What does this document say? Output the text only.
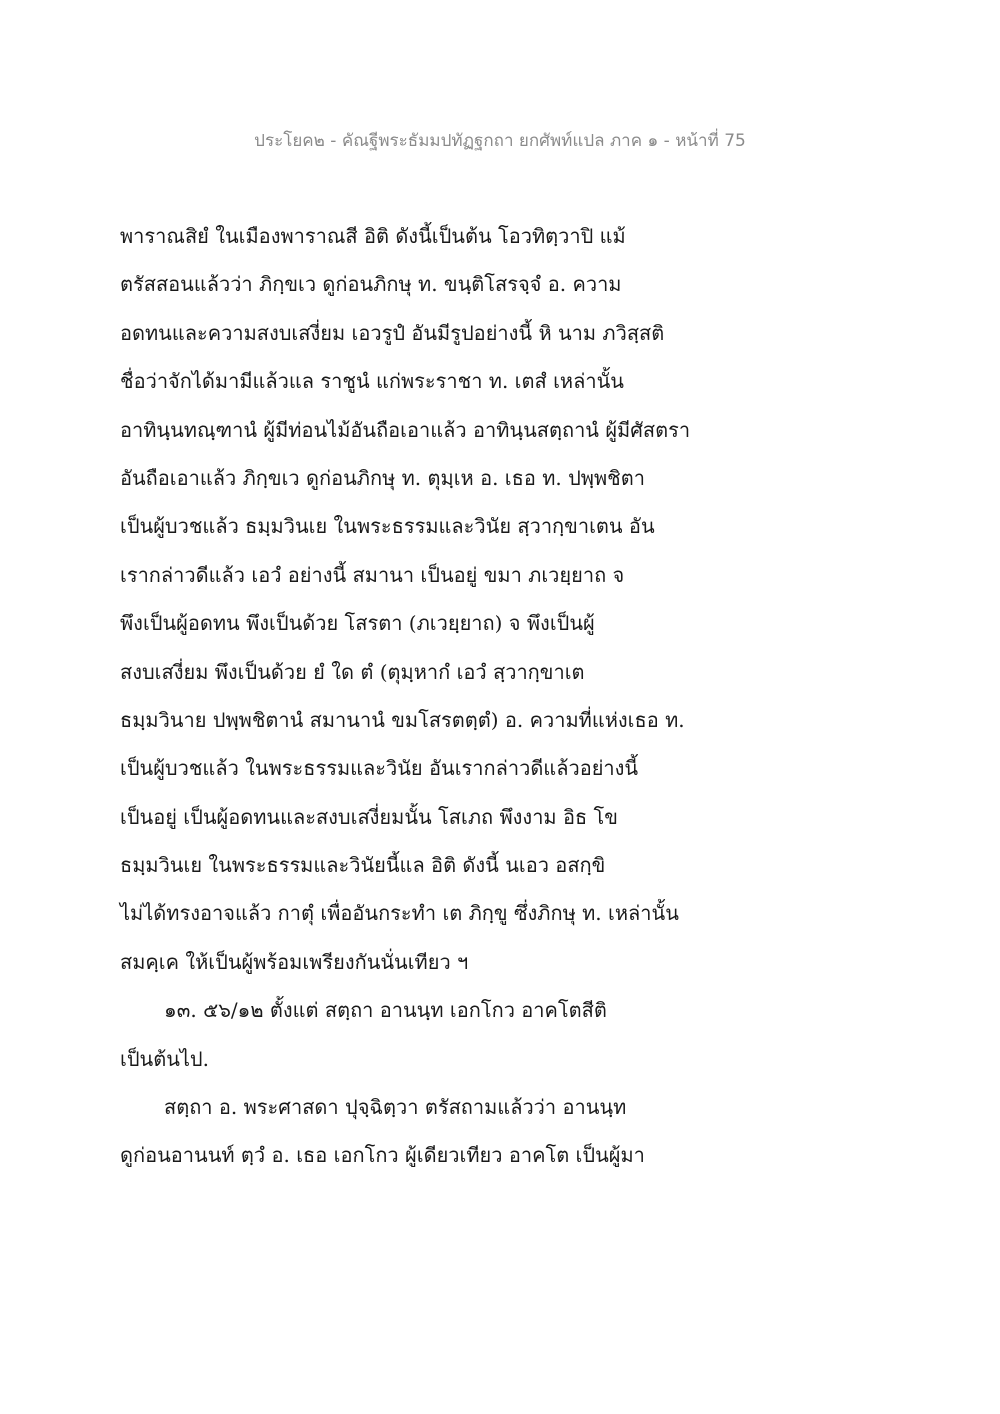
ประโยค๒ - คัณฐีพระธัมมปทัฏฐกถา ยกศัพท์แปล ภาค ๑ - หน้าที่ 75
พาราณสิยํ ในเมืองพาราณสี อิติ ดังนี้เป็นต้น โอวทิตฺวาปิ แม้
ตรัสสอนแล้วว่า ภิกฺขเว ดูก่อนภิกษุ ท. ขนฺติโสรจฺจํ อ. ความ
อดทนและความสงบเสงี่ยม เอวรูปํ อันมีรูปอย่างนี้ หิ นาม ภวิสฺสติ
ชื่อว่าจักได้มามีแล้วแล ราชูนํ แก่พระราชา ท. เตสํ เหล่านั้น
อาทินฺนทณฺฑานํ ผู้มีท่อนไม้อันถือเอาแล้ว อาทินฺนสตฺถานํ ผู้มีศัสตรา
อันถือเอาแล้ว ภิกฺขเว ดูก่อนภิกษุ ท. ตุมฺเห อ. เธอ ท. ปพฺพชิตา
เป็นผู้บวชแล้ว ธมฺมวินเย ในพระธรรมและวินัย สฺวากฺขาเตน อัน
เรากล่าวดีแล้ว เอวํ อย่างนี้ สมานา เป็นอยู่ ขมา ภเวยฺยาถ จ
พึงเป็นผู้อดทน พึงเป็นด้วย โสรตา (ภเวยฺยาถ) จ พึงเป็นผู้
สงบเสงี่ยม พึงเป็นด้วย ยํ ใด ตํ (ตุมฺหากํ เอวํ สฺวากฺขาเต
ธมฺมวินาย ปพฺพชิตานํ สมานานํ ขมโสรตตฺตํ) อ. ความที่แห่งเธอ ท.
เป็นผู้บวชแล้ว ในพระธรรมและวินัย อันเรากล่าวดีแล้วอย่างนี้
เป็นอยู่ เป็นผู้อดทนและสงบเสงี่ยมนั้น โสเภถ พึงงาม อิธ โข
ธมฺมวินเย ในพระธรรมและวินัยนี้แล อิติ ดังนี้ นเอว อสกฺขิ
ไม่ได้ทรงอาจแล้ว กาตุํ เพื่ออันกระทำ เต ภิกฺขู ซึ่งภิกษุ ท. เหล่านั้น
สมคฺเค ให้เป็นผู้พร้อมเพรียงกันนั่นเทียว ฯ
๑๓. ๕๖/๑๒ ตั้งแต่ สตฺถา อานนฺท เอกโกว อาคโตสีติ
เป็นต้นไป.
สตฺถา อ. พระศาสดา ปุจฺฉิตฺวา ตรัสถามแล้วว่า อานนฺท
ดูก่อนอานนท์ ตฺวํ อ. เธอ เอกโกว ผู้เดียวเทียว อาคโต เป็นผู้มา
